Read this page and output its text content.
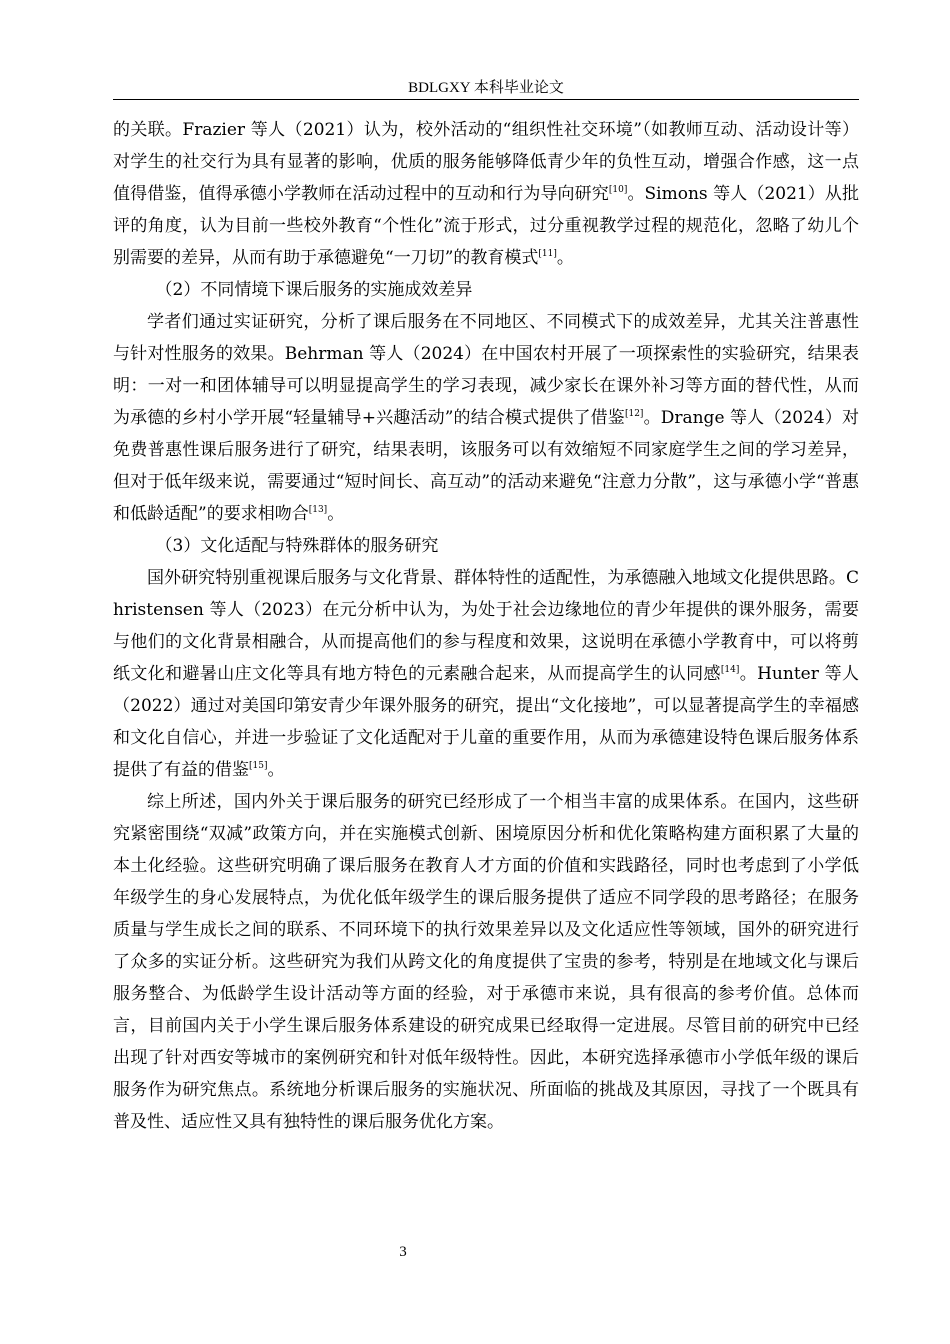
BDLGXY 本科毕业论文

的关联。Frazier 等人（2021）认为，校外活动的“组织性社交环境”（如教师互动、活动设计等）对学生的社交行为具有显著的影响，优质的服务能够降低青少年的负性互动，增强合作感，这一点值得借鉴，值得承德小学教师在活动过程中的互动和行为导向研究[10]。Simons 等人（2021）从批评的角度，认为目前一些校外教育“个性化”流于形式，过分重视教学过程的规范化，忽略了幼儿个别需要的差异，从而有助于承德避免“一刀切”的教育模式[11]。

（2）不同情境下课后服务的实施成效差异

学者们通过实证研究，分析了课后服务在不同地区、不同模式下的成效差异，尤其关注普惠性与针对性服务的效果。Behrman 等人（2024）在中国农村开展了一项探索性的实验研究，结果表明：一对一和团体辅导可以明显提高学生的学习表现，减少家长在课外补习等方面的替代性，从而为承德的乡村小学开展“轻量辅导+兴趣活动”的结合模式提供了借鉴[12]。Drange 等人（2024）对免费普惠性课后服务进行了研究，结果表明，该服务可以有效缩短不同家庭学生之间的学习差异，但对于低年级来说，需要通过“短时间长、高互动”的活动来避免“注意力分散”，这与承德小学“普惠和低龄适配”的要求相吻合[13]。

（3）文化适配与特殊群体的服务研究

国外研究特别重视课后服务与文化背景、群体特性的适配性，为承德融入地域文化提供思路。Christensen 等人（2023）在元分析中认为，为处于社会边缘地位的青少年提供的课外服务，需要与他们的文化背景相融合，从而提高他们的参与程度和效果，这说明在承德小学教育中，可以将剪纸文化和避暑山庄文化等具有地方特色的元素融合起来，从而提高学生的认同感[14]。Hunter 等人（2022）通过对美国印第安青少年课外服务的研究，提出“文化接地”，可以显著提高学生的幸福感和文化自信心，并进一步验证了文化适配对于儿童的重要作用，从而为承德建设特色课后服务体系提供了有益的借鉴[15]。

综上所述，国内外关于课后服务的研究已经形成了一个相当丰富的成果体系。在国内，这些研究紧密围绕“双减”政策方向，并在实施模式创新、困境原因分析和优化策略构建方面积累了大量的本土化经验。这些研究明确了课后服务在教育人才方面的价值和实践路径，同时也考虑到了小学低年级学生的身心发展特点，为优化低年级学生的课后服务提供了适应不同学段的思考路径；在服务质量与学生成长之间的联系、不同环境下的执行效果差异以及文化适应性等领域，国外的研究进行了众多的实证分析。这些研究为我们从跨文化的角度提供了宝贵的参考，特别是在地域文化与课后服务整合、为低龄学生设计活动等方面的经验，对于承德市来说，具有很高的参考价值。总体而言，目前国内关于小学生课后服务体系建设的研究成果已经取得一定进展。尽管目前的研究中已经出现了针对西安等城市的案例研究和针对低年级特性。因此，本研究选择承德市小学低年级的课后服务作为研究焦点。系统地分析课后服务的实施状况、所面临的挑战及其原因，寻找了一个既具有普及性、适应性又具有独特性的课后服务优化方案。

3
